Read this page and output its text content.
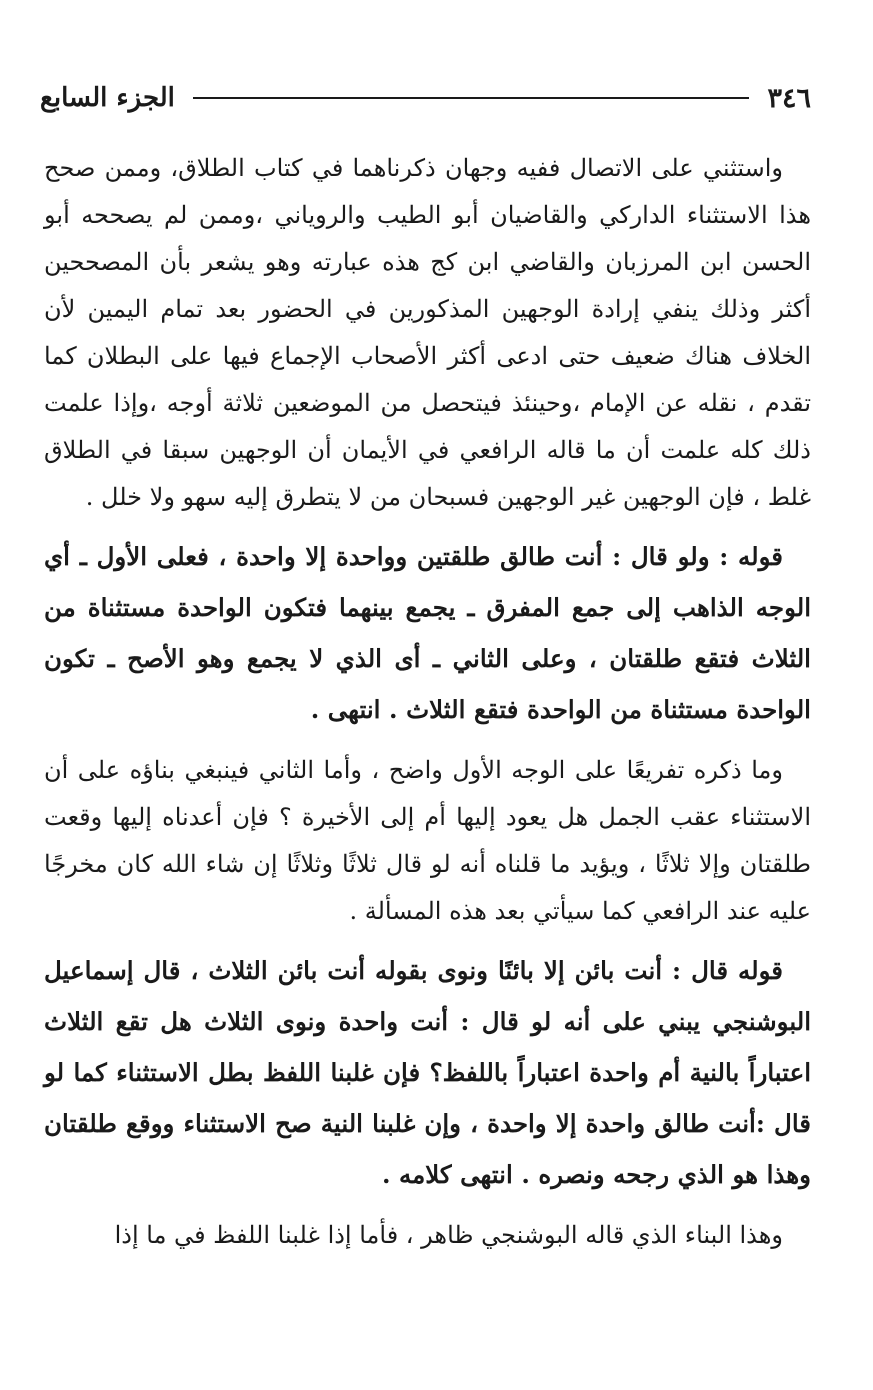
٣٤٦
الجزء السابع

واستثني على الاتصال ففيه وجهان ذكرناهما في كتاب الطلاق، وممن صحح هذا الاستثناء الداركي والقاضيان أبو الطيب والروياني ،وممن لم يصححه أبو الحسن ابن المرزبان والقاضي ابن كج هذه عبارته وهو يشعر بأن المصححين أكثر وذلك ينفي إرادة الوجهين المذكورين في الحضور بعد تمام اليمين لأن الخلاف هناك ضعيف حتى ادعى أكثر الأصحاب الإجماع فيها على البطلان كما تقدم ، نقله عن الإمام ،وحينئذ فيتحصل من الموضعين ثلاثة أوجه ،وإذا علمت ذلك كله علمت أن ما قاله الرافعي في الأيمان أن الوجهين سبقا في الطلاق غلط ، فإن الوجهين غير الوجهين فسبحان من لا يتطرق إليه سهو ولا خلل .

قوله : ولو قال : أنت طالق طلقتين وواحدة إلا واحدة ، فعلى الأول ـ أي الوجه الذاهب إلى جمع المفرق ـ يجمع بينهما فتكون الواحدة مستثناة من الثلاث فتقع طلقتان ، وعلى الثاني ـ أى الذي لا يجمع وهو الأصح ـ تكون الواحدة مستثناة من الواحدة فتقع الثلاث . انتهى .

وما ذكره تفريعًا على الوجه الأول واضح ، وأما الثاني فينبغي بناؤه على أن الاستثناء عقب الجمل هل يعود إليها أم إلى الأخيرة ؟ فإن أعدناه إليها وقعت طلقتان وإلا ثلاثًا ، ويؤيد ما قلناه أنه لو قال ثلاثًا وثلاثًا إن شاء الله كان مخرجًا عليه عند الرافعي كما سيأتي بعد هذه المسألة .

قوله قال : أنت بائن إلا بائنًا ونوى بقوله أنت بائن الثلاث ، قال إسماعيل البوشنجي يبني على أنه لو قال : أنت واحدة ونوى الثلاث هل تقع الثلاث اعتباراً بالنية أم واحدة اعتباراً باللفظ؟ فإن غلبنا اللفظ بطل الاستثناء كما لو قال :أنت طالق واحدة إلا واحدة ، وإن غلبنا النية صح الاستثناء ووقع طلقتان وهذا هو الذي رجحه ونصره . انتهى كلامه .

وهذا البناء الذي قاله البوشنجي ظاهر ، فأما إذا غلبنا اللفظ في ما إذا
